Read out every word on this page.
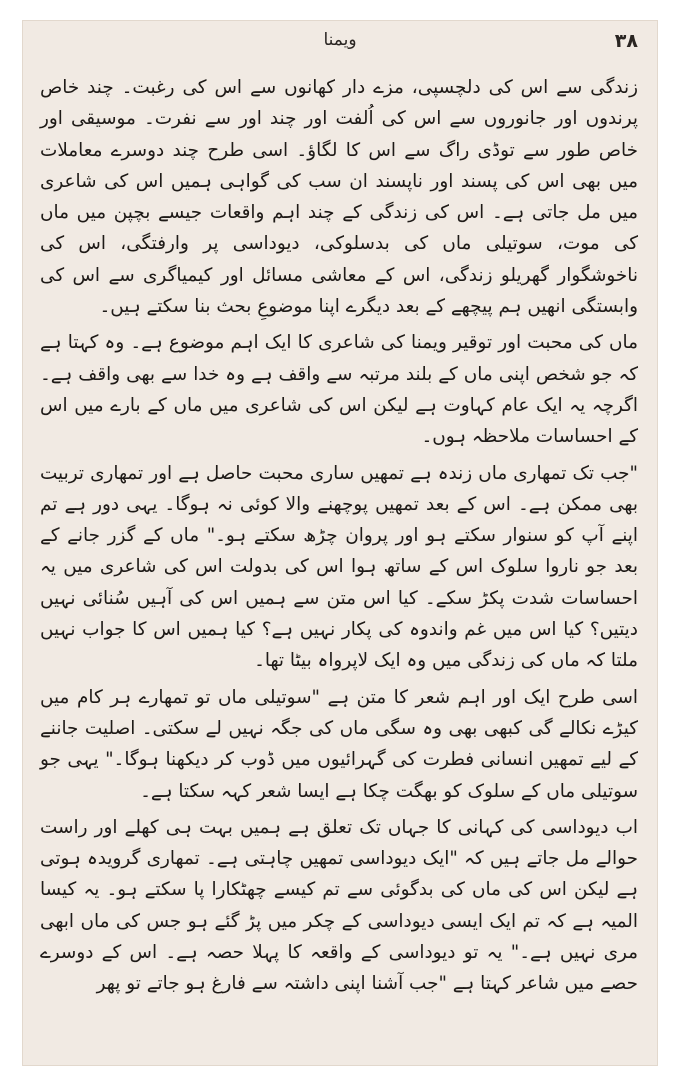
ویمنا	۳۸

زندگی سے اس کی دلچسپی، مزے دار کھانوں سے اس کی رغبت۔ چند خاص پرندوں اور جانوروں سے اس کی اُلفت اور چند اور سے نفرت۔ موسیقی اور خاص طور سے توڈی راگ سے اس کا لگاؤ۔ اسی طرح چند دوسرے معاملات میں بھی اس کی پسند اور ناپسند ان سب کی گواہی ہمیں اس کی شاعری میں مل جاتی ہے۔ اس کی زندگی کے چند اہم واقعات جیسے بچپن میں ماں کی موت، سوتیلی ماں کی بدسلوکی، دیوداسی پر وارفتگی، اس کی ناخوشگوار گھریلو زندگی، اس کے معاشی مسائل اور کیمیاگری سے اس کی وابستگی انھیں ہم پیچھے کے بعد دیگرے اپنا موضوعِ بحث بنا سکتے ہیں۔

ماں کی محبت اور توقیر ویمنا کی شاعری کا ایک اہم موضوع ہے۔ وہ کہتا ہے کہ جو شخص اپنی ماں کے بلند مرتبہ سے واقف ہے وہ خدا سے بھی واقف ہے۔ اگرچہ یہ ایک عام کہاوت ہے لیکن اس کی شاعری میں ماں کے بارے میں اس کے احساسات ملاحظہ ہوں۔

"جب تک تمھاری ماں زندہ ہے تمھیں ساری محبت حاصل ہے اور تمھاری تربیت بھی ممکن ہے۔ اس کے بعد تمھیں پوچھنے والا کوئی نہ ہوگا۔ یہی دور ہے تم اپنے آپ کو سنوار سکتے ہو اور پروان چڑھ سکتے ہو۔" ماں کے گزر جانے کے بعد جو ناروا سلوک اس کے ساتھ ہوا اس کی بدولت اس کی شاعری میں یہ احساسات شدت پکڑ سکے۔ کیا اس متن سے ہمیں اس کی آہیں سُنائی نہیں دیتیں؟ کیا اس میں غم واندوہ کی پکار نہیں ہے؟ کیا ہمیں اس کا جواب نہیں ملتا کہ ماں کی زندگی میں وہ ایک لاپرواہ بیٹا تھا۔

اسی طرح ایک اور اہم شعر کا متن ہے "سوتیلی ماں تو تمھارے ہر کام میں کیڑے نکالے گی کبھی بھی وہ سگی ماں کی جگہ نہیں لے سکتی۔ اصلیت جاننے کے لیے تمھیں انسانی فطرت کی گہرائیوں میں ڈوب کر دیکھنا ہوگا۔" یہی جو سوتیلی ماں کے سلوک کو بھگت چکا ہے ایسا شعر کہہ سکتا ہے۔

اب دیوداسی کی کہانی کا جہاں تک تعلق ہے ہمیں بہت ہی کھلے اور راست حوالے مل جاتے ہیں کہ "ایک دیوداسی تمھیں چاہتی ہے۔ تمھاری گرویدہ ہوتی ہے لیکن اس کی ماں کی بدگوئی سے تم کیسے چھٹکارا پا سکتے ہو۔ یہ کیسا المیہ ہے کہ تم ایک ایسی دیوداسی کے چکر میں پڑ گئے ہو جس کی ماں ابھی مری نہیں ہے۔" یہ تو دیوداسی کے واقعہ کا پہلا حصہ ہے۔ اس کے دوسرے حصے میں شاعر کہتا ہے "جب آشنا اپنی داشتہ سے فارغ ہو جاتے تو پھر
